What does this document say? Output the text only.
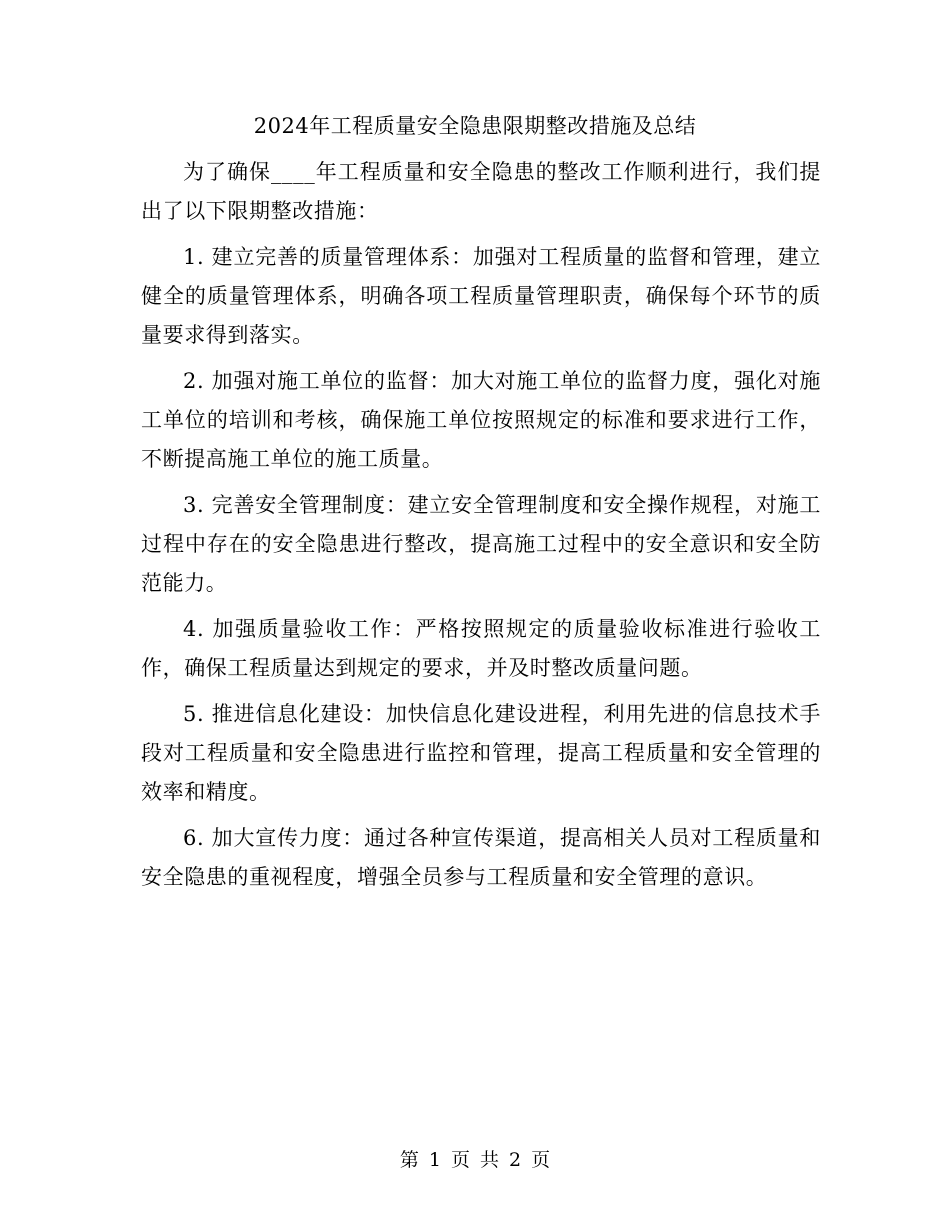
2024年工程质量安全隐患限期整改措施及总结

为了确保____年工程质量和安全隐患的整改工作顺利进行，我们提出了以下限期整改措施：

1. 建立完善的质量管理体系：加强对工程质量的监督和管理，建立健全的质量管理体系，明确各项工程质量管理职责，确保每个环节的质量要求得到落实。

2. 加强对施工单位的监督：加大对施工单位的监督力度，强化对施工单位的培训和考核，确保施工单位按照规定的标准和要求进行工作，不断提高施工单位的施工质量。

3. 完善安全管理制度：建立安全管理制度和安全操作规程，对施工过程中存在的安全隐患进行整改，提高施工过程中的安全意识和安全防范能力。

4. 加强质量验收工作：严格按照规定的质量验收标准进行验收工作，确保工程质量达到规定的要求，并及时整改质量问题。

5. 推进信息化建设：加快信息化建设进程，利用先进的信息技术手段对工程质量和安全隐患进行监控和管理，提高工程质量和安全管理的效率和精度。

6. 加大宣传力度：通过各种宣传渠道，提高相关人员对工程质量和安全隐患的重视程度，增强全员参与工程质量和安全管理的意识。

第 1 页 共 2 页
